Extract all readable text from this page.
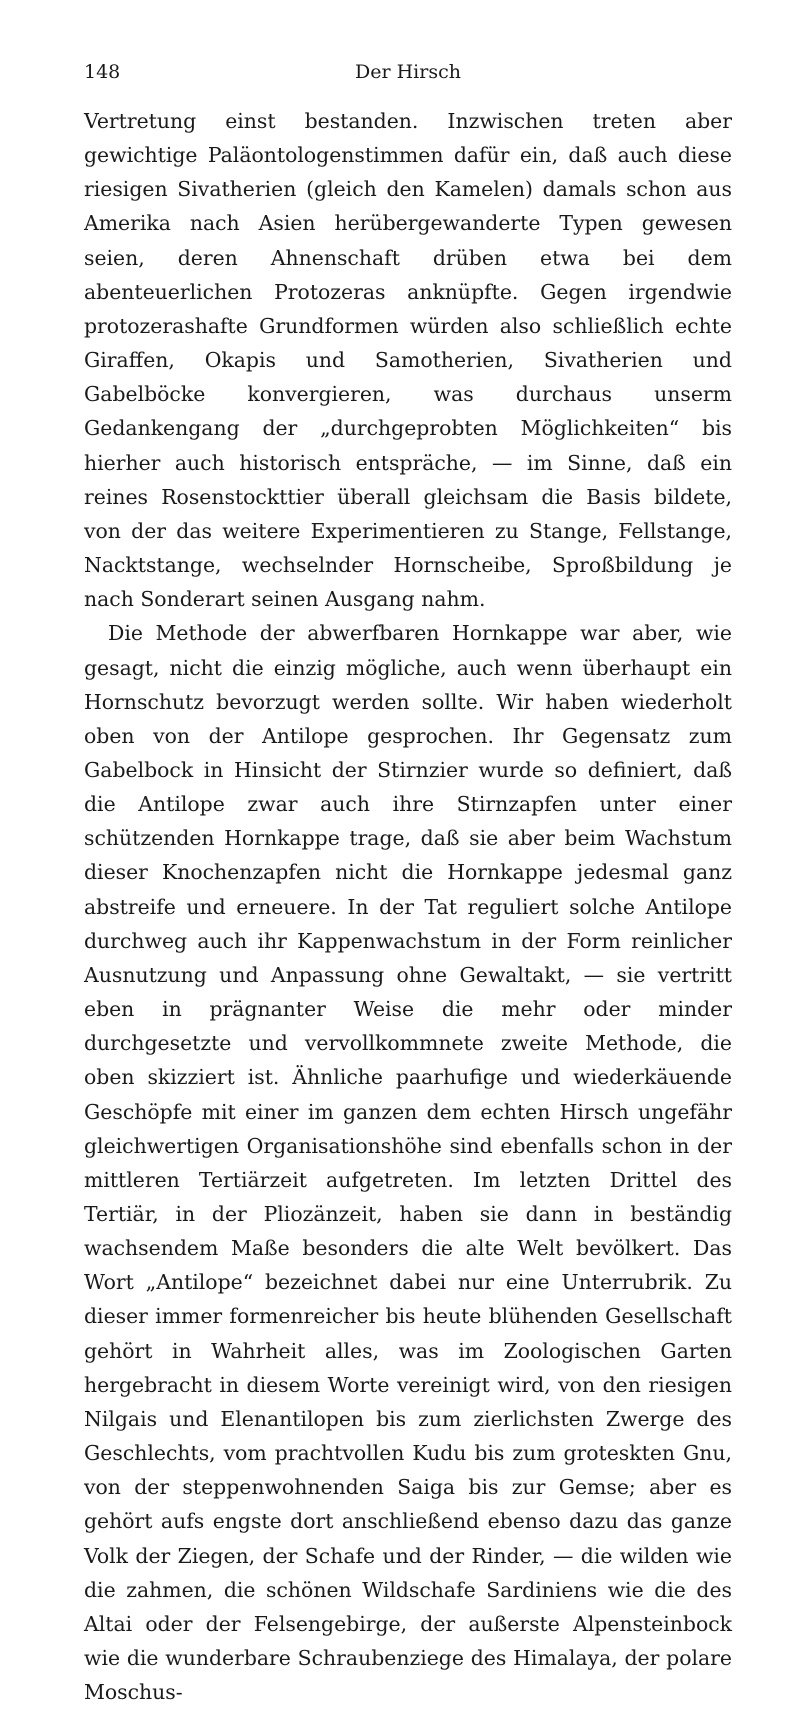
148	Der Hirsch

Vertretung einst bestanden. Inzwischen treten aber gewichtige Paläontologenstimmen dafür ein, daß auch diese riesigen Sivatherien (gleich den Kamelen) damals schon aus Amerika nach Asien herübergewanderte Typen gewesen seien, deren Ahnenschaft drüben etwa bei dem abenteuerlichen Protozeras anknüpfte. Gegen irgendwie protozerashafte Grundformen würden also schließlich echte Giraffen, Okapis und Samotherien, Sivatherien und Gabelböcke konvergieren, was durchaus unserm Gedankengang der „durchgeprobten Möglichkeiten“ bis hierher auch historisch entspräche, — im Sinne, daß ein reines Rosenstockttier überall gleichsam die Basis bildete, von der das weitere Experimentieren zu Stange, Fellstange, Nacktstange, wechselnder Hornscheibe, Sproßbildung je nach Sonderart seinen Ausgang nahm.

Die Methode der abwerfbaren Hornkappe war aber, wie gesagt, nicht die einzig mögliche, auch wenn überhaupt ein Hornschutz bevorzugt werden sollte. Wir haben wiederholt oben von der Antilope gesprochen. Ihr Gegensatz zum Gabelbock in Hinsicht der Stirnzier wurde so definiert, daß die Antilope zwar auch ihre Stirnzapfen unter einer schützenden Hornkappe trage, daß sie aber beim Wachstum dieser Knochenzapfen nicht die Hornkappe jedesmal ganz abstreife und erneuere. In der Tat reguliert solche Antilope durchweg auch ihr Kappenwachstum in der Form reinlicher Ausnutzung und Anpassung ohne Gewaltakt, — sie vertritt eben in prägnanter Weise die mehr oder minder durchgesetzte und vervollkommnete zweite Methode, die oben skizziert ist. Ähnliche paarhufige und wiederkäuende Geschöpfe mit einer im ganzen dem echten Hirsch ungefähr gleichwertigen Organisationshöhe sind ebenfalls schon in der mittleren Tertiärzeit aufgetreten. Im letzten Drittel des Tertiär, in der Pliozänzeit, haben sie dann in beständig wachsendem Maße besonders die alte Welt bevölkert. Das Wort „Antilope“ bezeichnet dabei nur eine Unterrubrik. Zu dieser immer formenreicher bis heute blühenden Gesellschaft gehört in Wahrheit alles, was im Zoologischen Garten hergebracht in diesem Worte vereinigt wird, von den riesigen Nilgais und Elenantilopen bis zum zierlichsten Zwerge des Geschlechts, vom prachtvollen Kudu bis zum groteskten Gnu, von der steppenwohnenden Saiga bis zur Gemse; aber es gehört aufs engste dort anschließend ebenso dazu das ganze Volk der Ziegen, der Schafe und der Rinder, — die wilden wie die zahmen, die schönen Wildschafe Sardiniens wie die des Altai oder der Felsengebirge, der außerste Alpensteinbock wie die wunderbare Schraubenziege des Himalaya, der polare Moschus-
